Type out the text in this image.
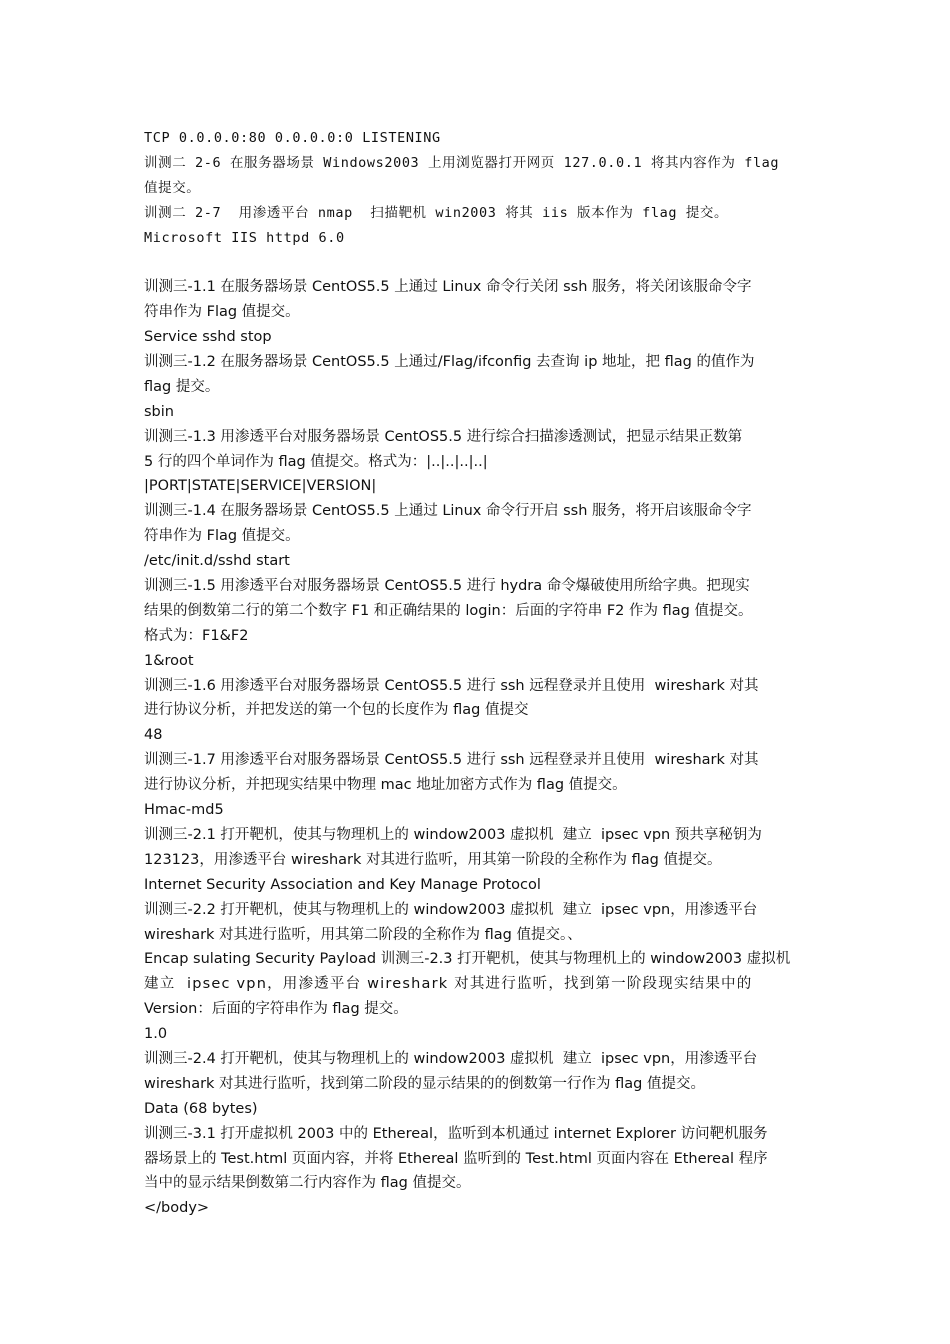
TCP 0.0.0.0:80 0.0.0.0:0 LISTENING
训测二 2-6 在服务器场景 Windows2003 上用浏览器打开网页 127.0.0.1 将其内容作为 flag
值提交。
训测二 2-7  用渗透平台 nmap  扫描靶机 win2003 将其 iis 版本作为 flag 提交。
Microsoft IIS httpd 6.0
训测三-1.1 在服务器场景 CentOS5.5 上通过 Linux 命令行关闭 ssh 服务，将关闭该服命令字
符串作为 Flag 值提交。
Service sshd stop
训测三-1.2 在服务器场景 CentOS5.5 上通过/Flag/ifconfig 去查询 ip 地址，把 flag 的值作为
flag 提交。
sbin
训测三-1.3 用渗透平台对服务器场景 CentOS5.5 进行综合扫描渗透测试，把显示结果正数第
5 行的四个单词作为 flag 值提交。格式为：|..|..|..|..|
|PORT|STATE|SERVICE|VERSION|
训测三-1.4 在服务器场景 CentOS5.5 上通过 Linux 命令行开启 ssh 服务，将开启该服命令字
符串作为 Flag 值提交。
/etc/init.d/sshd start
训测三-1.5 用渗透平台对服务器场景 CentOS5.5 进行 hydra 命令爆破使用所给字典。把现实
结果的倒数第二行的第二个数字 F1 和正确结果的 login：后面的字符串 F2 作为 flag 值提交。
格式为：F1&F2
1&root
训测三-1.6 用渗透平台对服务器场景 CentOS5.5 进行 ssh 远程登录并且使用  wireshark 对其
进行协议分析，并把发送的第一个包的长度作为 flag 值提交
48
训测三-1.7 用渗透平台对服务器场景 CentOS5.5 进行 ssh 远程登录并且使用  wireshark 对其
进行协议分析，并把现实结果中物理 mac 地址加密方式作为 flag 值提交。
Hmac-md5
训测三-2.1 打开靶机，使其与物理机上的 window2003 虚拟机  建立  ipsec vpn 预共享秘钥为
123123，用渗透平台 wireshark 对其进行监听，用其第一阶段的全称作为 flag 值提交。
Internet Security Association and Key Manage Protocol
训测三-2.2 打开靶机，使其与物理机上的 window2003 虚拟机  建立  ipsec vpn，用渗透平台
wireshark 对其进行监听，用其第二阶段的全称作为 flag 值提交。、
Encap sulating Security Payload 训测三-2.3 打开靶机，使其与物理机上的 window2003 虚拟机
建立  ipsec vpn，用渗透平台 wireshark 对其进行监听，找到第一阶段现实结果中的
Version：后面的字符串作为 flag 提交。
1.0
训测三-2.4 打开靶机，使其与物理机上的 window2003 虚拟机  建立  ipsec vpn，用渗透平台
wireshark 对其进行监听，找到第二阶段的显示结果的的倒数第一行作为 flag 值提交。
Data (68 bytes)
训测三-3.1 打开虚拟机 2003 中的 Ethereal，监听到本机通过 internet Explorer 访问靶机服务
器场景上的 Test.html 页面内容，并将 Ethereal 监听到的 Test.html 页面内容在 Ethereal 程序
当中的显示结果倒数第二行内容作为 flag 值提交。
</body>
